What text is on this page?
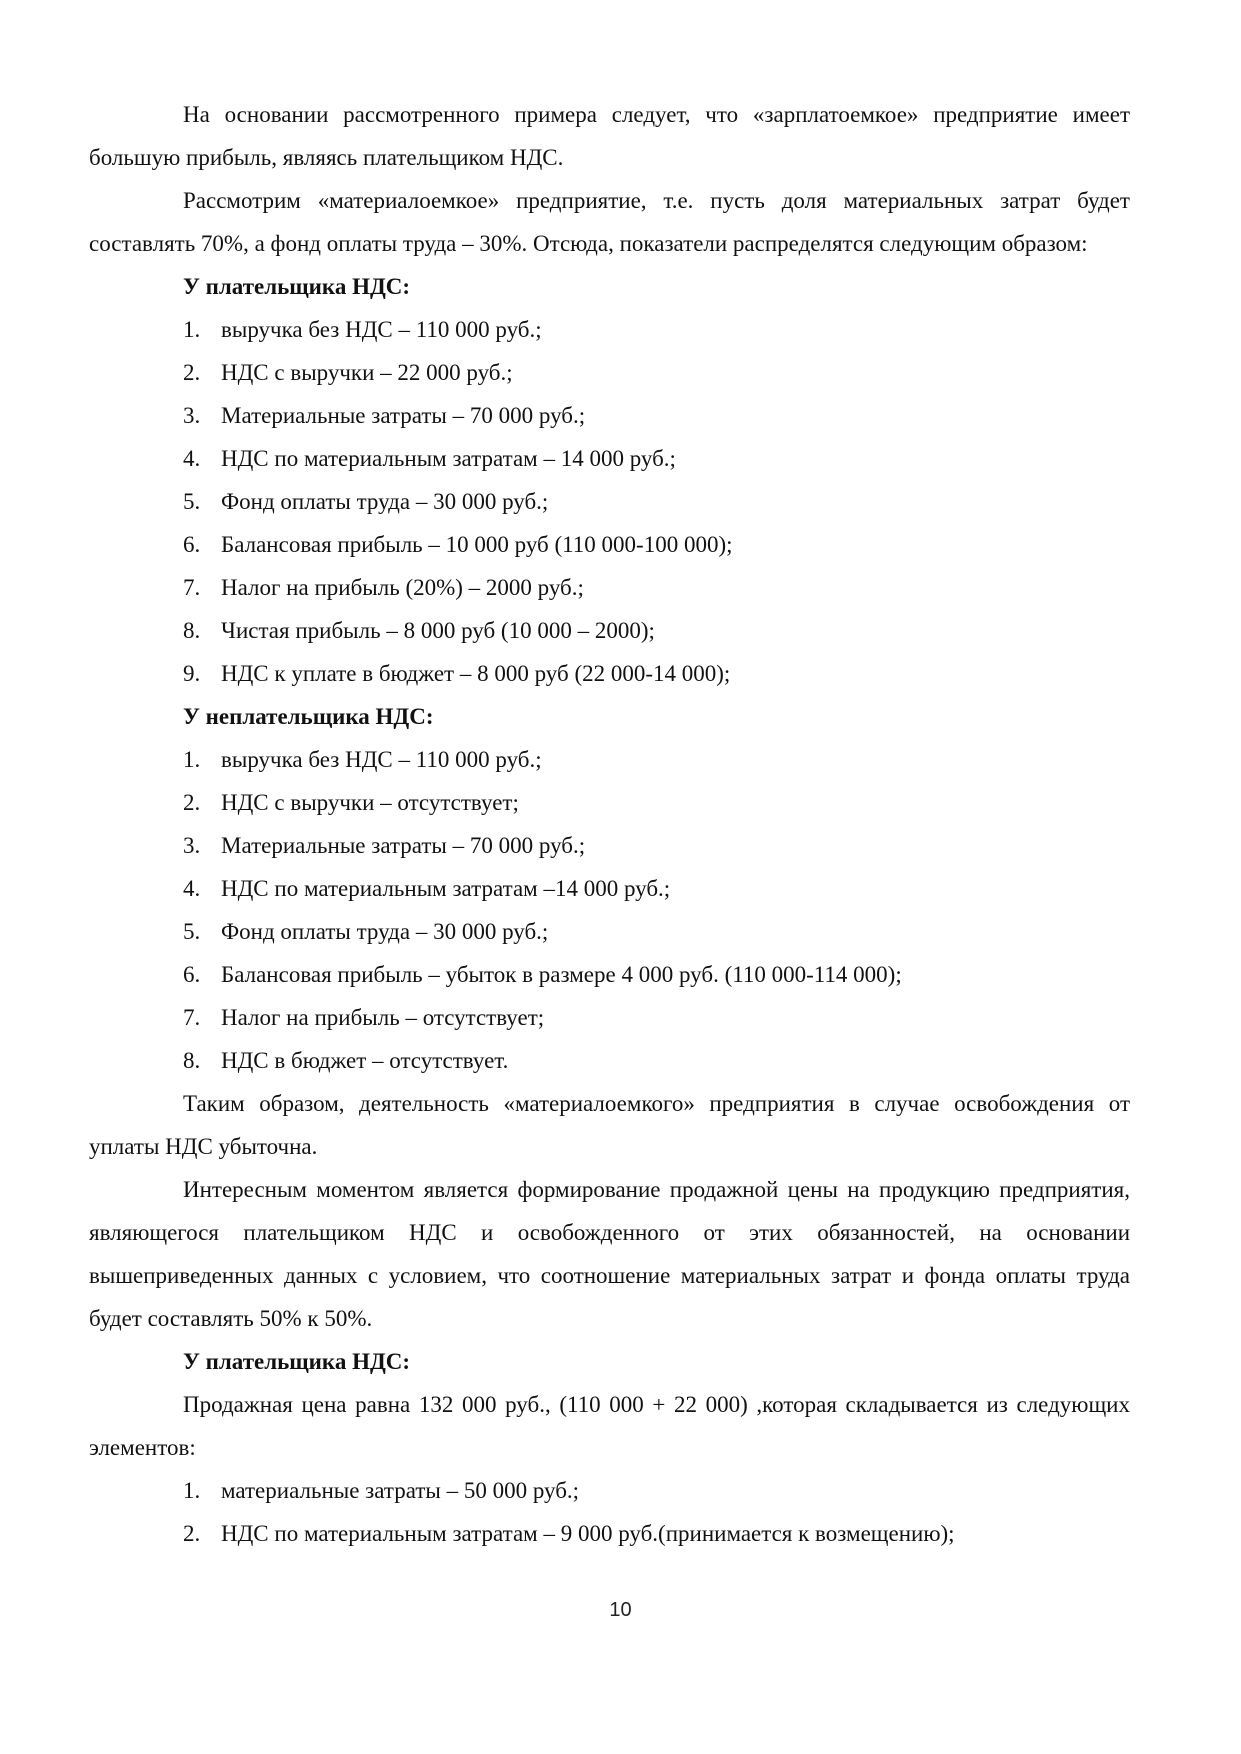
На основании рассмотренного примера следует, что «зарплатоемкое» предприятие имеет большую прибыль, являясь плательщиком НДС.

Рассмотрим «материалоемкое» предприятие, т.е. пусть доля материальных затрат будет составлять 70%, а фонд оплаты труда – 30%. Отсюда, показатели распределятся следующим образом:

У плательщика НДС:

1. выручка без НДС – 110 000 руб.;
2. НДС с выручки – 22 000 руб.;
3. Материальные затраты – 70 000 руб.;
4. НДС по материальным затратам – 14 000 руб.;
5. Фонд оплаты труда – 30 000 руб.;
6. Балансовая прибыль – 10 000 руб (110 000-100 000);
7. Налог на прибыль (20%) – 2000 руб.;
8. Чистая прибыль – 8 000 руб (10 000 – 2000);
9. НДС к уплате в бюджет – 8 000 руб (22 000-14 000);

У неплательщика НДС:

1. выручка без НДС – 110 000 руб.;
2. НДС с выручки – отсутствует;
3. Материальные затраты – 70 000 руб.;
4. НДС по материальным затратам –14 000 руб.;
5. Фонд оплаты труда – 30 000 руб.;
6. Балансовая прибыль – убыток в размере 4 000 руб. (110 000-114 000);
7. Налог на прибыль – отсутствует;
8. НДС в бюджет – отсутствует.

Таким образом, деятельность «материалоемкого» предприятия в случае освобождения от уплаты НДС убыточна.

Интересным моментом является формирование продажной цены на продукцию предприятия, являющегося плательщиком НДС и освобожденного от этих обязанностей, на основании вышеприведенных данных с условием, что соотношение материальных затрат и фонда оплаты труда будет составлять 50% к 50%.

У плательщика НДС:

Продажная цена равна 132 000 руб., (110 000 + 22 000) ,которая складывается из следующих элементов:

1. материальные затраты – 50 000 руб.;
2. НДС по материальным затратам – 9 000 руб.(принимается к возмещению);
10
